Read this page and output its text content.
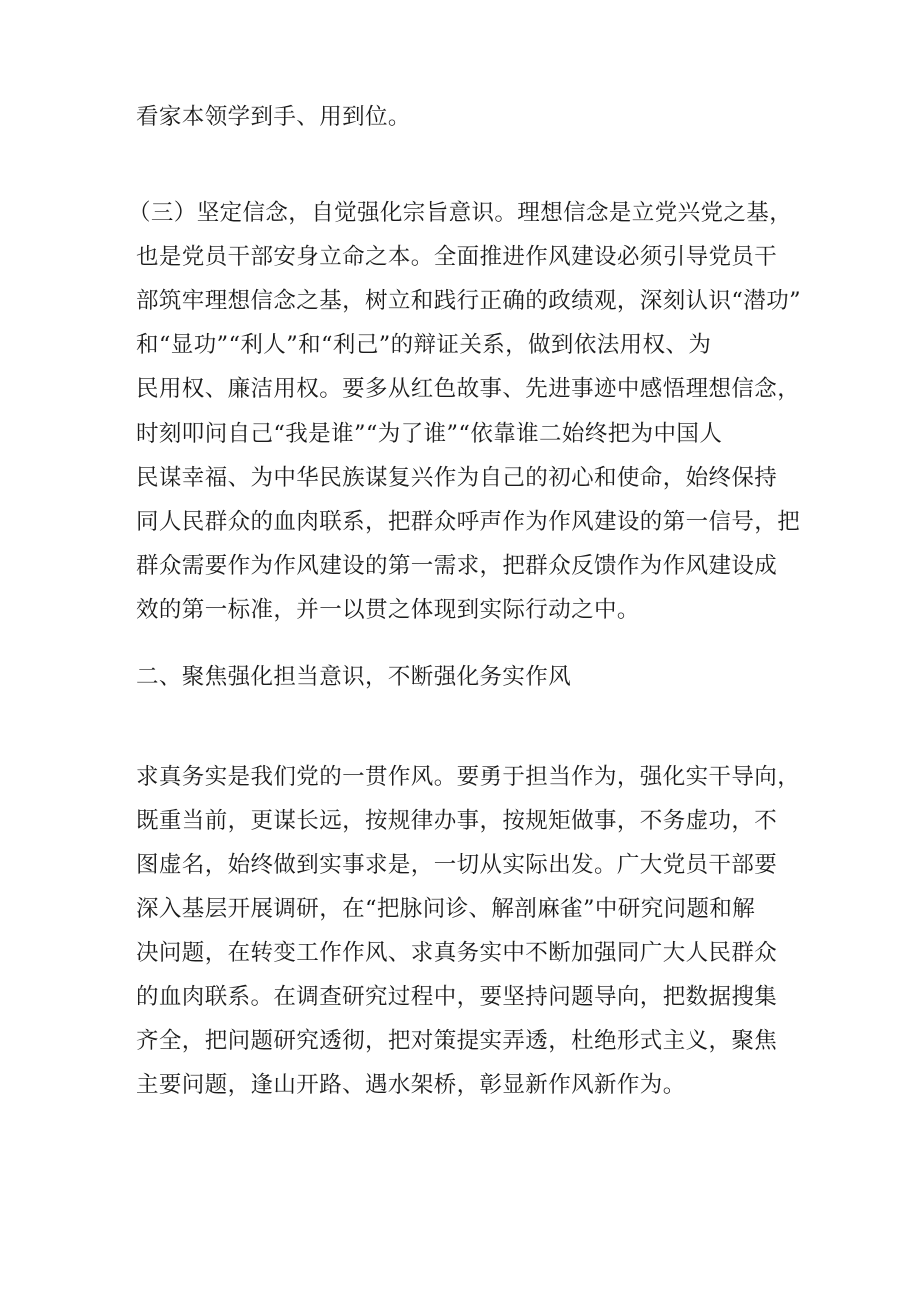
看家本领学到手、用到位。
（三）坚定信念，自觉强化宗旨意识。理想信念是立党兴党之基，
也是党员干部安身立命之本。全面推进作风建设必须引导党员干
部筑牢理想信念之基，树立和践行正确的政绩观，深刻认识“潜功”
和“显功”“利人”和“利己”的辩证关系，做到依法用权、为
民用权、廉洁用权。要多从红色故事、先进事迹中感悟理想信念，
时刻叩问自己“我是谁”“为了谁”“依靠谁二始终把为中国人
民谋幸福、为中华民族谋复兴作为自己的初心和使命，始终保持
同人民群众的血肉联系，把群众呼声作为作风建设的第一信号，把
群众需要作为作风建设的第一需求，把群众反馈作为作风建设成
效的第一标准，并一以贯之体现到实际行动之中。
二、聚焦强化担当意识，不断强化务实作风
求真务实是我们党的一贯作风。要勇于担当作为，强化实干导向，
既重当前，更谋长远，按规律办事，按规矩做事，不务虚功，不
图虚名，始终做到实事求是，一切从实际出发。广大党员干部要
深入基层开展调研，在“把脉问诊、解剖麻雀”中研究问题和解
决问题，在转变工作作风、求真务实中不断加强同广大人民群众
的血肉联系。在调查研究过程中，要坚持问题导向，把数据搜集
齐全，把问题研究透彻，把对策提实弄透，杜绝形式主义，聚焦
主要问题，逢山开路、遇水架桥，彰显新作风新作为。
